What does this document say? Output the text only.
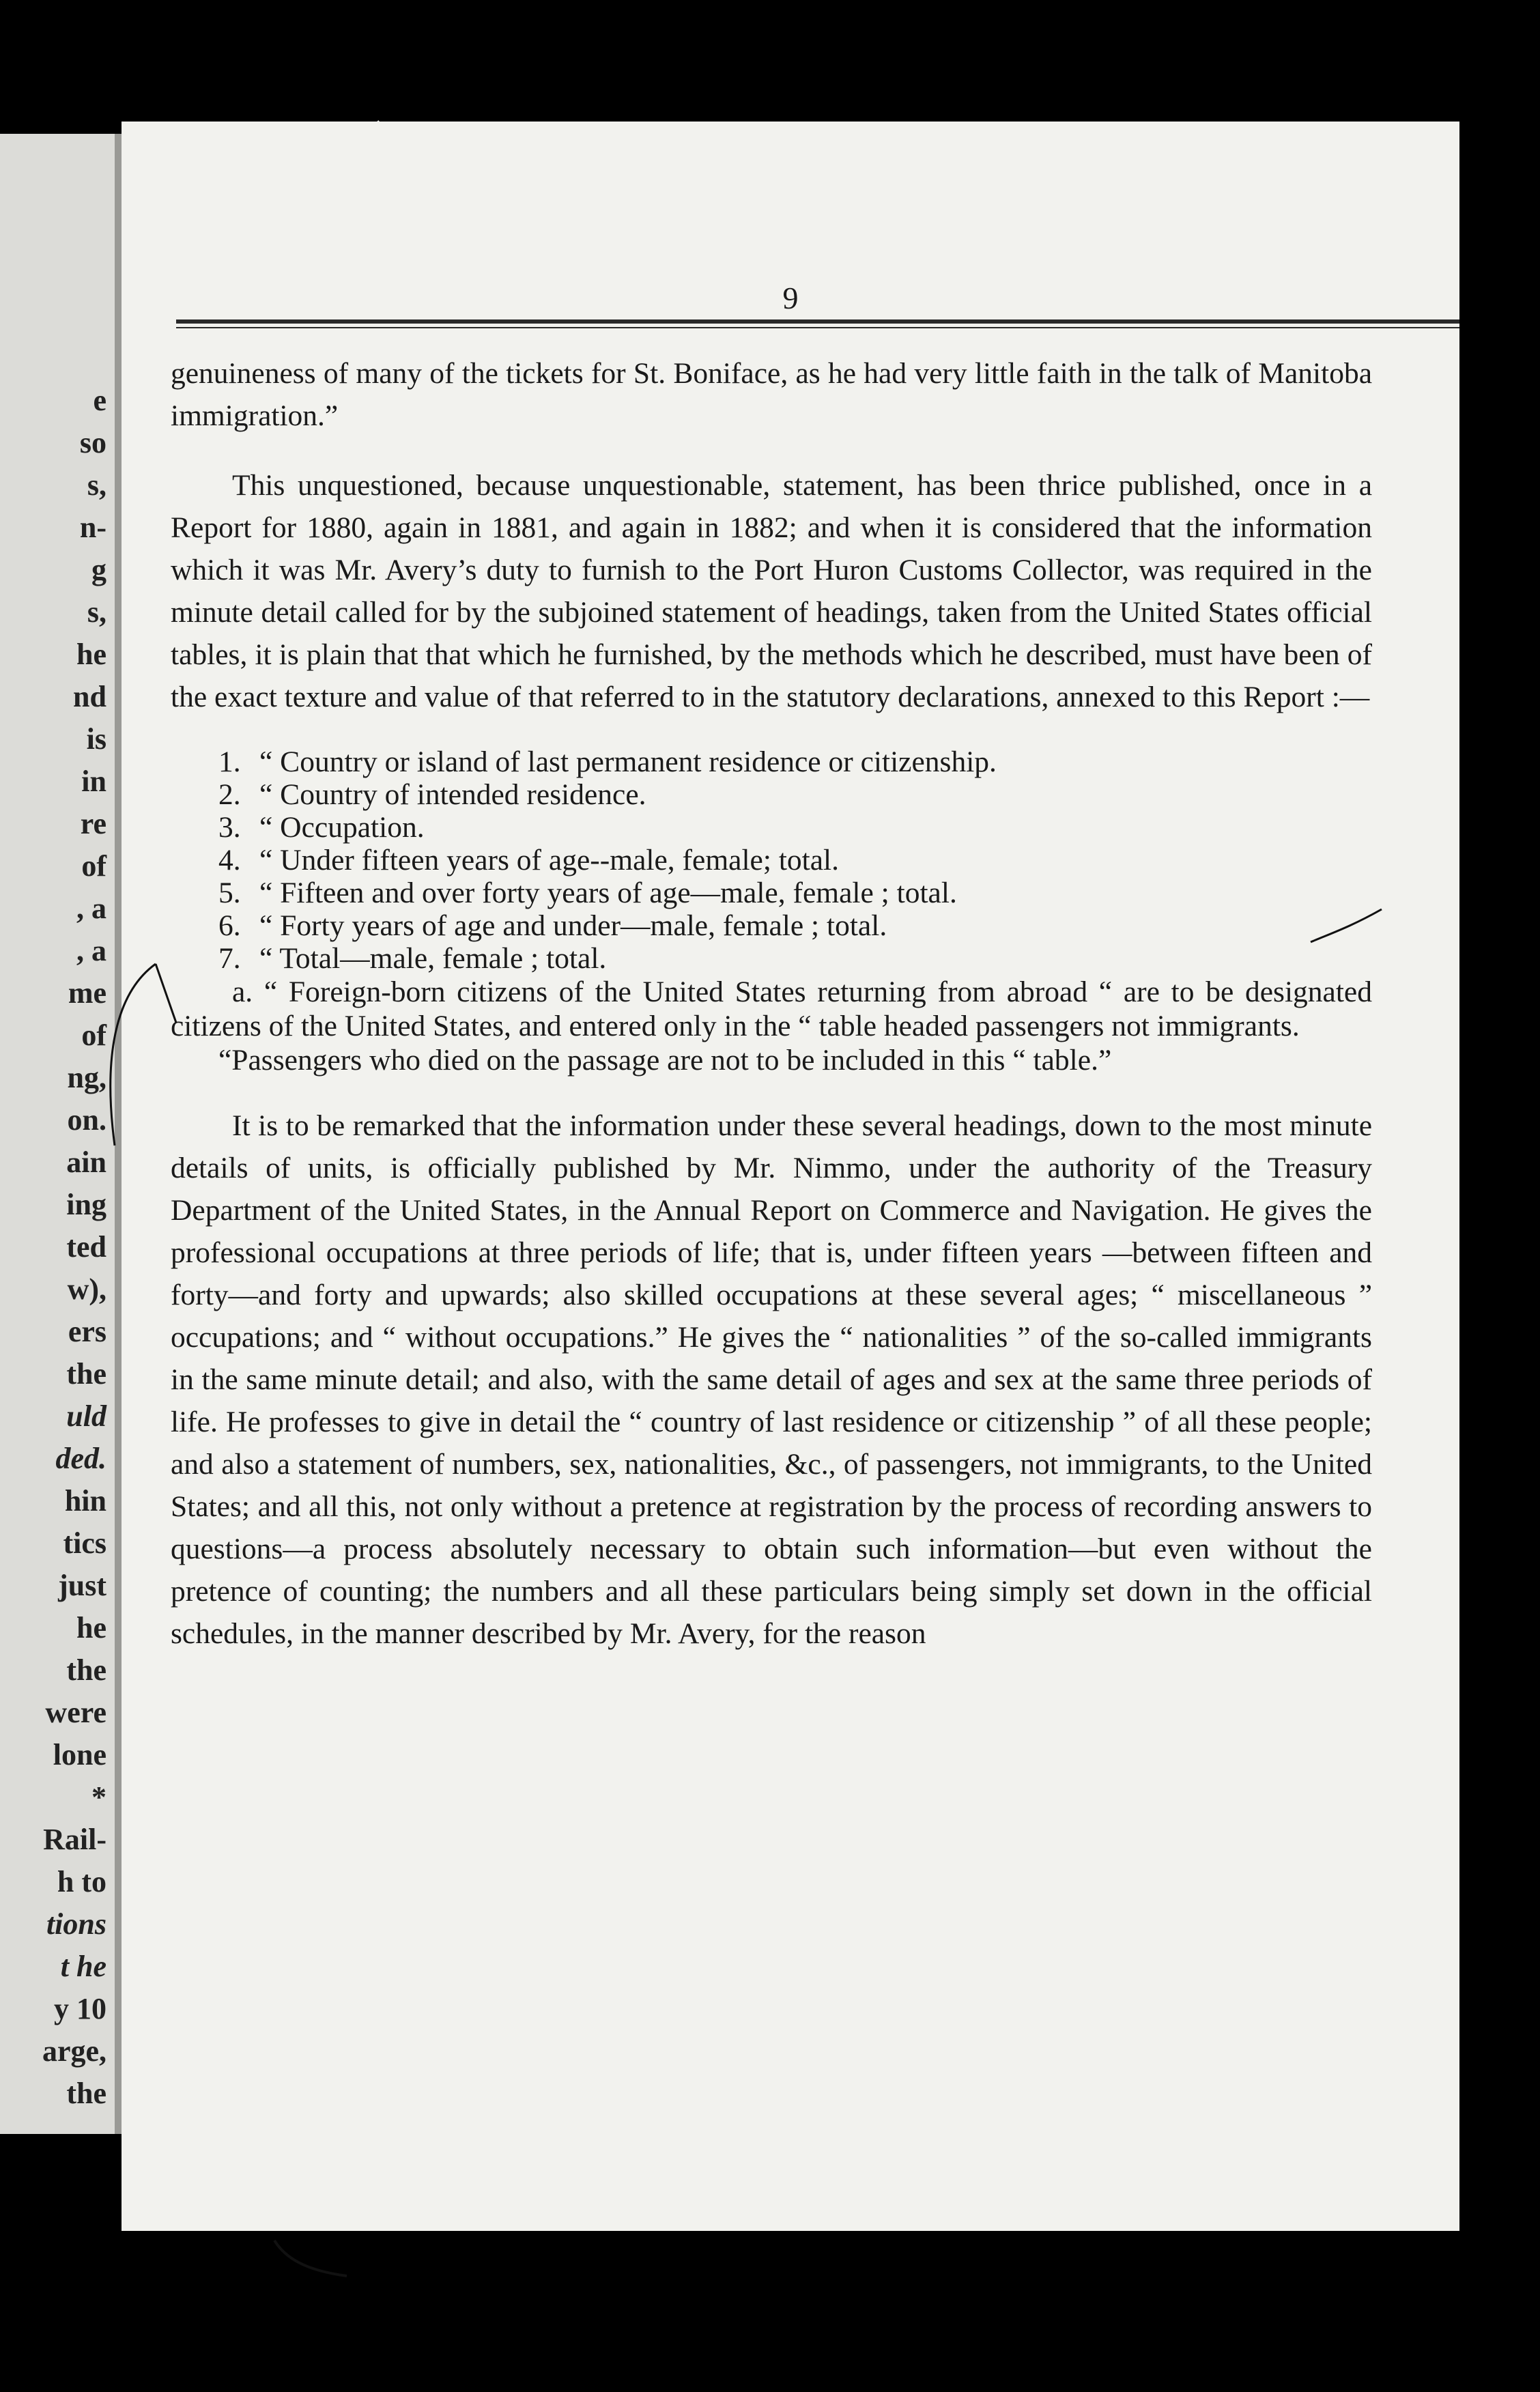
e
so
s,
n-
g
s,
he
nd
is
in
re
of
, a
, a
me
of
ng,
on.
ain
ing
ted
w),
ers
the
uld
ded.
hin
tics
just
he
the
were
lone
*
Rail-
h to
tions
t he
y 10
arge,
the
9

genuineness of many of the tickets for St. Boniface, as he had very little faith in the talk of Manitoba immigration.”

This unquestioned, because unquestionable, statement, has been thrice published, once in a Report for 1880, again in 1881, and again in 1882; and when it is considered that the information which it was Mr. Avery’s duty to furnish to the Port Huron Customs Collector, was required in the minute detail called for by the subjoined statement of headings, taken from the United States official tables, it is plain that that which he furnished, by the methods which he described, must have been of the exact texture and value of that referred to in the statutory declarations, annexed to this Report :—

1. “ Country or island of last permanent residence or citizenship.
2. “ Country of intended residence.
3. “ Occupation.
4. “ Under fifteen years of age--male, female; total.
5. “ Fifteen and over forty years of age—male, female ; total.
6. “ Forty years of age and under—male, female ; total.
7. “ Total—male, female ; total.

a. “ Foreign-born citizens of the United States returning from abroad “ are to be designated citizens of the United States, and entered only in the “ table headed passengers not immigrants.

“Passengers who died on the passage are not to be included in this “ table.”

It is to be remarked that the information under these several headings, down to the most minute details of units, is officially published by Mr. Nimmo, under the authority of the Treasury Department of the United States, in the Annual Report on Commerce and Navigation. He gives the professional occupations at three periods of life; that is, under fifteen years —between fifteen and forty—and forty and upwards; also skilled occupations at these several ages; “ miscellaneous ” occupations; and “ without occupations.” He gives the “ nationalities ” of the so-called immigrants in the same minute detail; and also, with the same detail of ages and sex at the same three periods of life. He professes to give in detail the “ country of last residence or citizenship ” of all these people; and also a statement of numbers, sex, nationalities, &c., of passengers, not immigrants, to the United States; and all this, not only without a pretence at registration by the process of recording answers to questions—a process absolutely necessary to obtain such information—but even without the pretence of counting; the numbers and all these particulars being simply set down in the official schedules, in the manner described by Mr. Avery, for the reason
